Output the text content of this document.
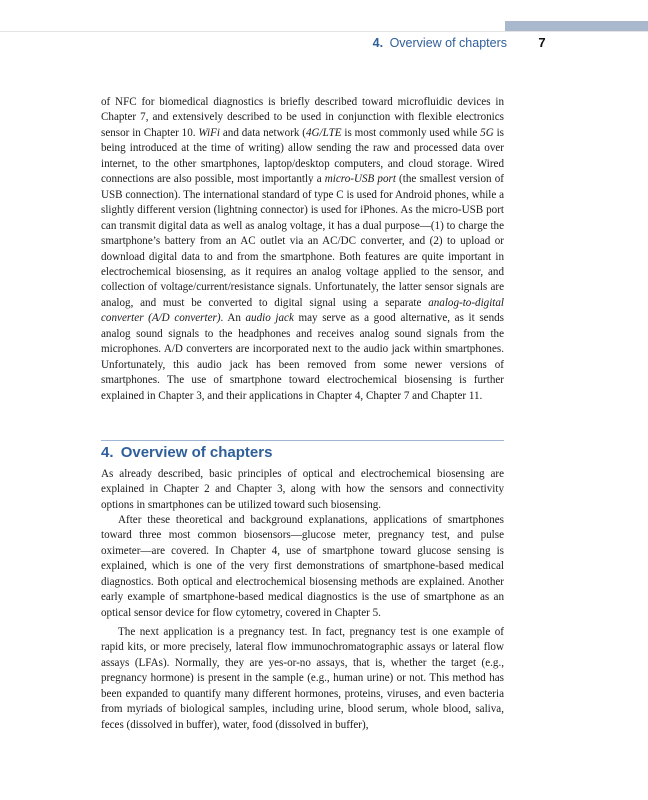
4. Overview of chapters	7

of NFC for biomedical diagnostics is briefly described toward microfluidic devices in Chapter 7, and extensively described to be used in conjunction with flexible electronics sensor in Chapter 10. WiFi and data network (4G/LTE is most commonly used while 5G is being introduced at the time of writing) allow sending the raw and processed data over internet, to the other smartphones, laptop/desktop computers, and cloud storage. Wired connections are also possible, most importantly a micro-USB port (the smallest version of USB connection). The international standard of type C is used for Android phones, while a slightly different version (lightning connector) is used for iPhones. As the micro-USB port can transmit digital data as well as analog voltage, it has a dual purpose—(1) to charge the smartphone’s battery from an AC outlet via an AC/DC converter, and (2) to upload or download digital data to and from the smartphone. Both features are quite important in electrochemical biosensing, as it requires an analog voltage applied to the sensor, and collection of voltage/current/resistance signals. Unfortunately, the latter sensor signals are analog, and must be converted to digital signal using a separate analog-to-digital converter (A/D converter). An audio jack may serve as a good alternative, as it sends analog sound signals to the headphones and receives analog sound signals from the microphones. A/D converters are incorporated next to the audio jack within smartphones. Unfortunately, this audio jack has been removed from some newer versions of smartphones. The use of smartphone toward electrochemical biosensing is further explained in Chapter 3, and their applications in Chapter 4, Chapter 7 and Chapter 11.

4. Overview of chapters

As already described, basic principles of optical and electrochemical biosensing are explained in Chapter 2 and Chapter 3, along with how the sensors and connectivity options in smartphones can be utilized toward such biosensing.

After these theoretical and background explanations, applications of smartphones toward three most common biosensors—glucose meter, pregnancy test, and pulse oximeter—are covered. In Chapter 4, use of smartphone toward glucose sensing is explained, which is one of the very first demonstrations of smartphone-based medical diagnostics. Both optical and electrochemical biosensing methods are explained. Another early example of smartphone-based medical diagnostics is the use of smartphone as an optical sensor device for flow cytometry, covered in Chapter 5.

The next application is a pregnancy test. In fact, pregnancy test is one example of rapid kits, or more precisely, lateral flow immunochromatographic assays or lateral flow assays (LFAs). Normally, they are yes-or-no assays, that is, whether the target (e.g., pregnancy hormone) is present in the sample (e.g., human urine) or not. This method has been expanded to quantify many different hormones, proteins, viruses, and even bacteria from myriads of biological samples, including urine, blood serum, whole blood, saliva, feces (dissolved in buffer), water, food (dissolved in buffer),
